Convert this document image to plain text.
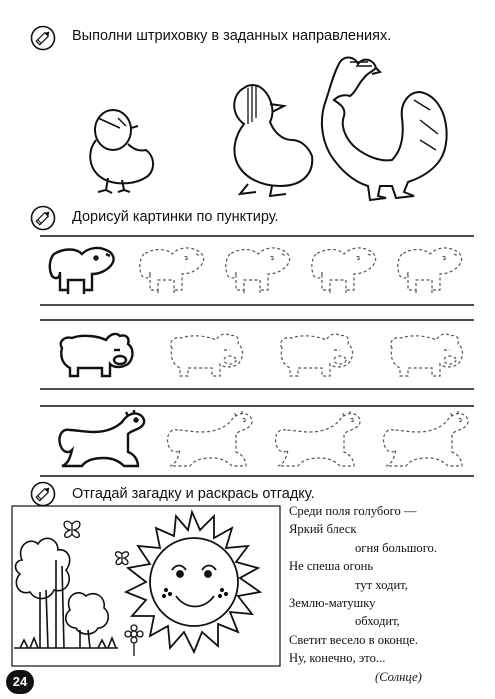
Выполни штриховку в заданных направлениях.
Дорисуй картинки по пунктиру.
Отгадай загадку и раскрась отгадку.
Среди поля голубого —
Яркий блеск
огня большого.
Не спеша огонь
тут ходит,
Землю-матушку
обходит,
Светит весело в оконце.
Ну, конечно, это...
(Солнце)
24
